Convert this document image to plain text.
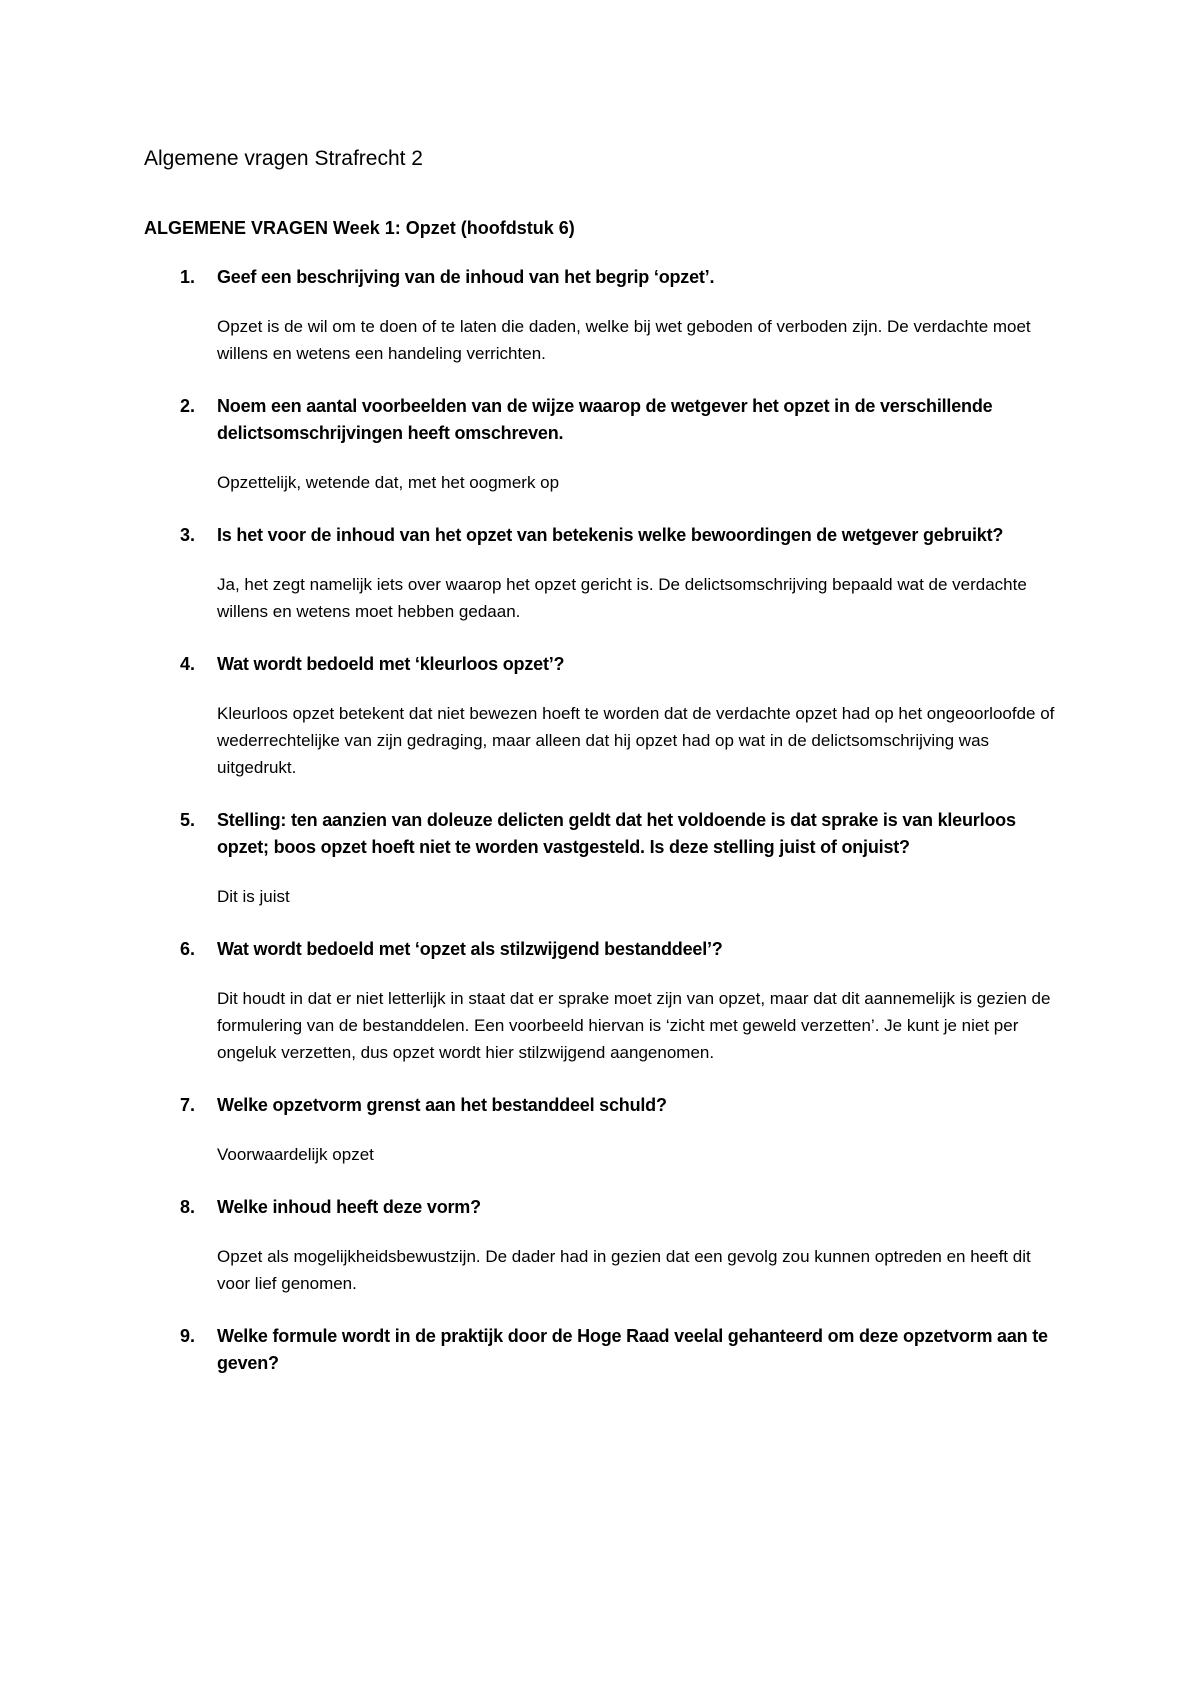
Algemene vragen Strafrecht 2
ALGEMENE VRAGEN Week 1: Opzet (hoofdstuk 6)
1. Geef een beschrijving van de inhoud van het begrip ‘opzet’.
Opzet is de wil om te doen of te laten die daden, welke bij wet geboden of verboden zijn. De verdachte moet willens en wetens een handeling verrichten.
2. Noem een aantal voorbeelden van de wijze waarop de wetgever het opzet in de verschillende delictsomschrijvingen heeft omschreven.
Opzettelijk, wetende dat, met het oogmerk op
3. Is het voor de inhoud van het opzet van betekenis welke bewoordingen de wetgever gebruikt?
Ja, het zegt namelijk iets over waarop het opzet gericht is. De delictsomschrijving bepaald wat de verdachte willens en wetens moet hebben gedaan.
4. Wat wordt bedoeld met ‘kleurloos opzet’?
Kleurloos opzet betekent dat niet bewezen hoeft te worden dat de verdachte opzet had op het ongeoorloofde of wederrechtelijke van zijn gedraging, maar alleen dat hij opzet had op wat in de delictsomschrijving was uitgedrukt.
5. Stelling: ten aanzien van doleuze delicten geldt dat het voldoende is dat sprake is van kleurloos opzet; boos opzet hoeft niet te worden vastgesteld. Is deze stelling juist of onjuist?
Dit is juist
6. Wat wordt bedoeld met ‘opzet als stilzwijgend bestanddeel’?
Dit houdt in dat er niet letterlijk in staat dat er sprake moet zijn van opzet, maar dat dit aannemelijk is gezien de formulering van de bestanddelen. Een voorbeeld hiervan is ‘zicht met geweld verzetten’. Je kunt je niet per ongeluk verzetten, dus opzet wordt hier stilzwijgend aangenomen.
7. Welke opzetvorm grenst aan het bestanddeel schuld?
Voorwaardelijk opzet
8. Welke inhoud heeft deze vorm?
Opzet als mogelijkheidsbewustzijn. De dader had in gezien dat een gevolg zou kunnen optreden en heeft dit voor lief genomen.
9. Welke formule wordt in de praktijk door de Hoge Raad veelal gehanteerd om deze opzetvorm aan te geven?
